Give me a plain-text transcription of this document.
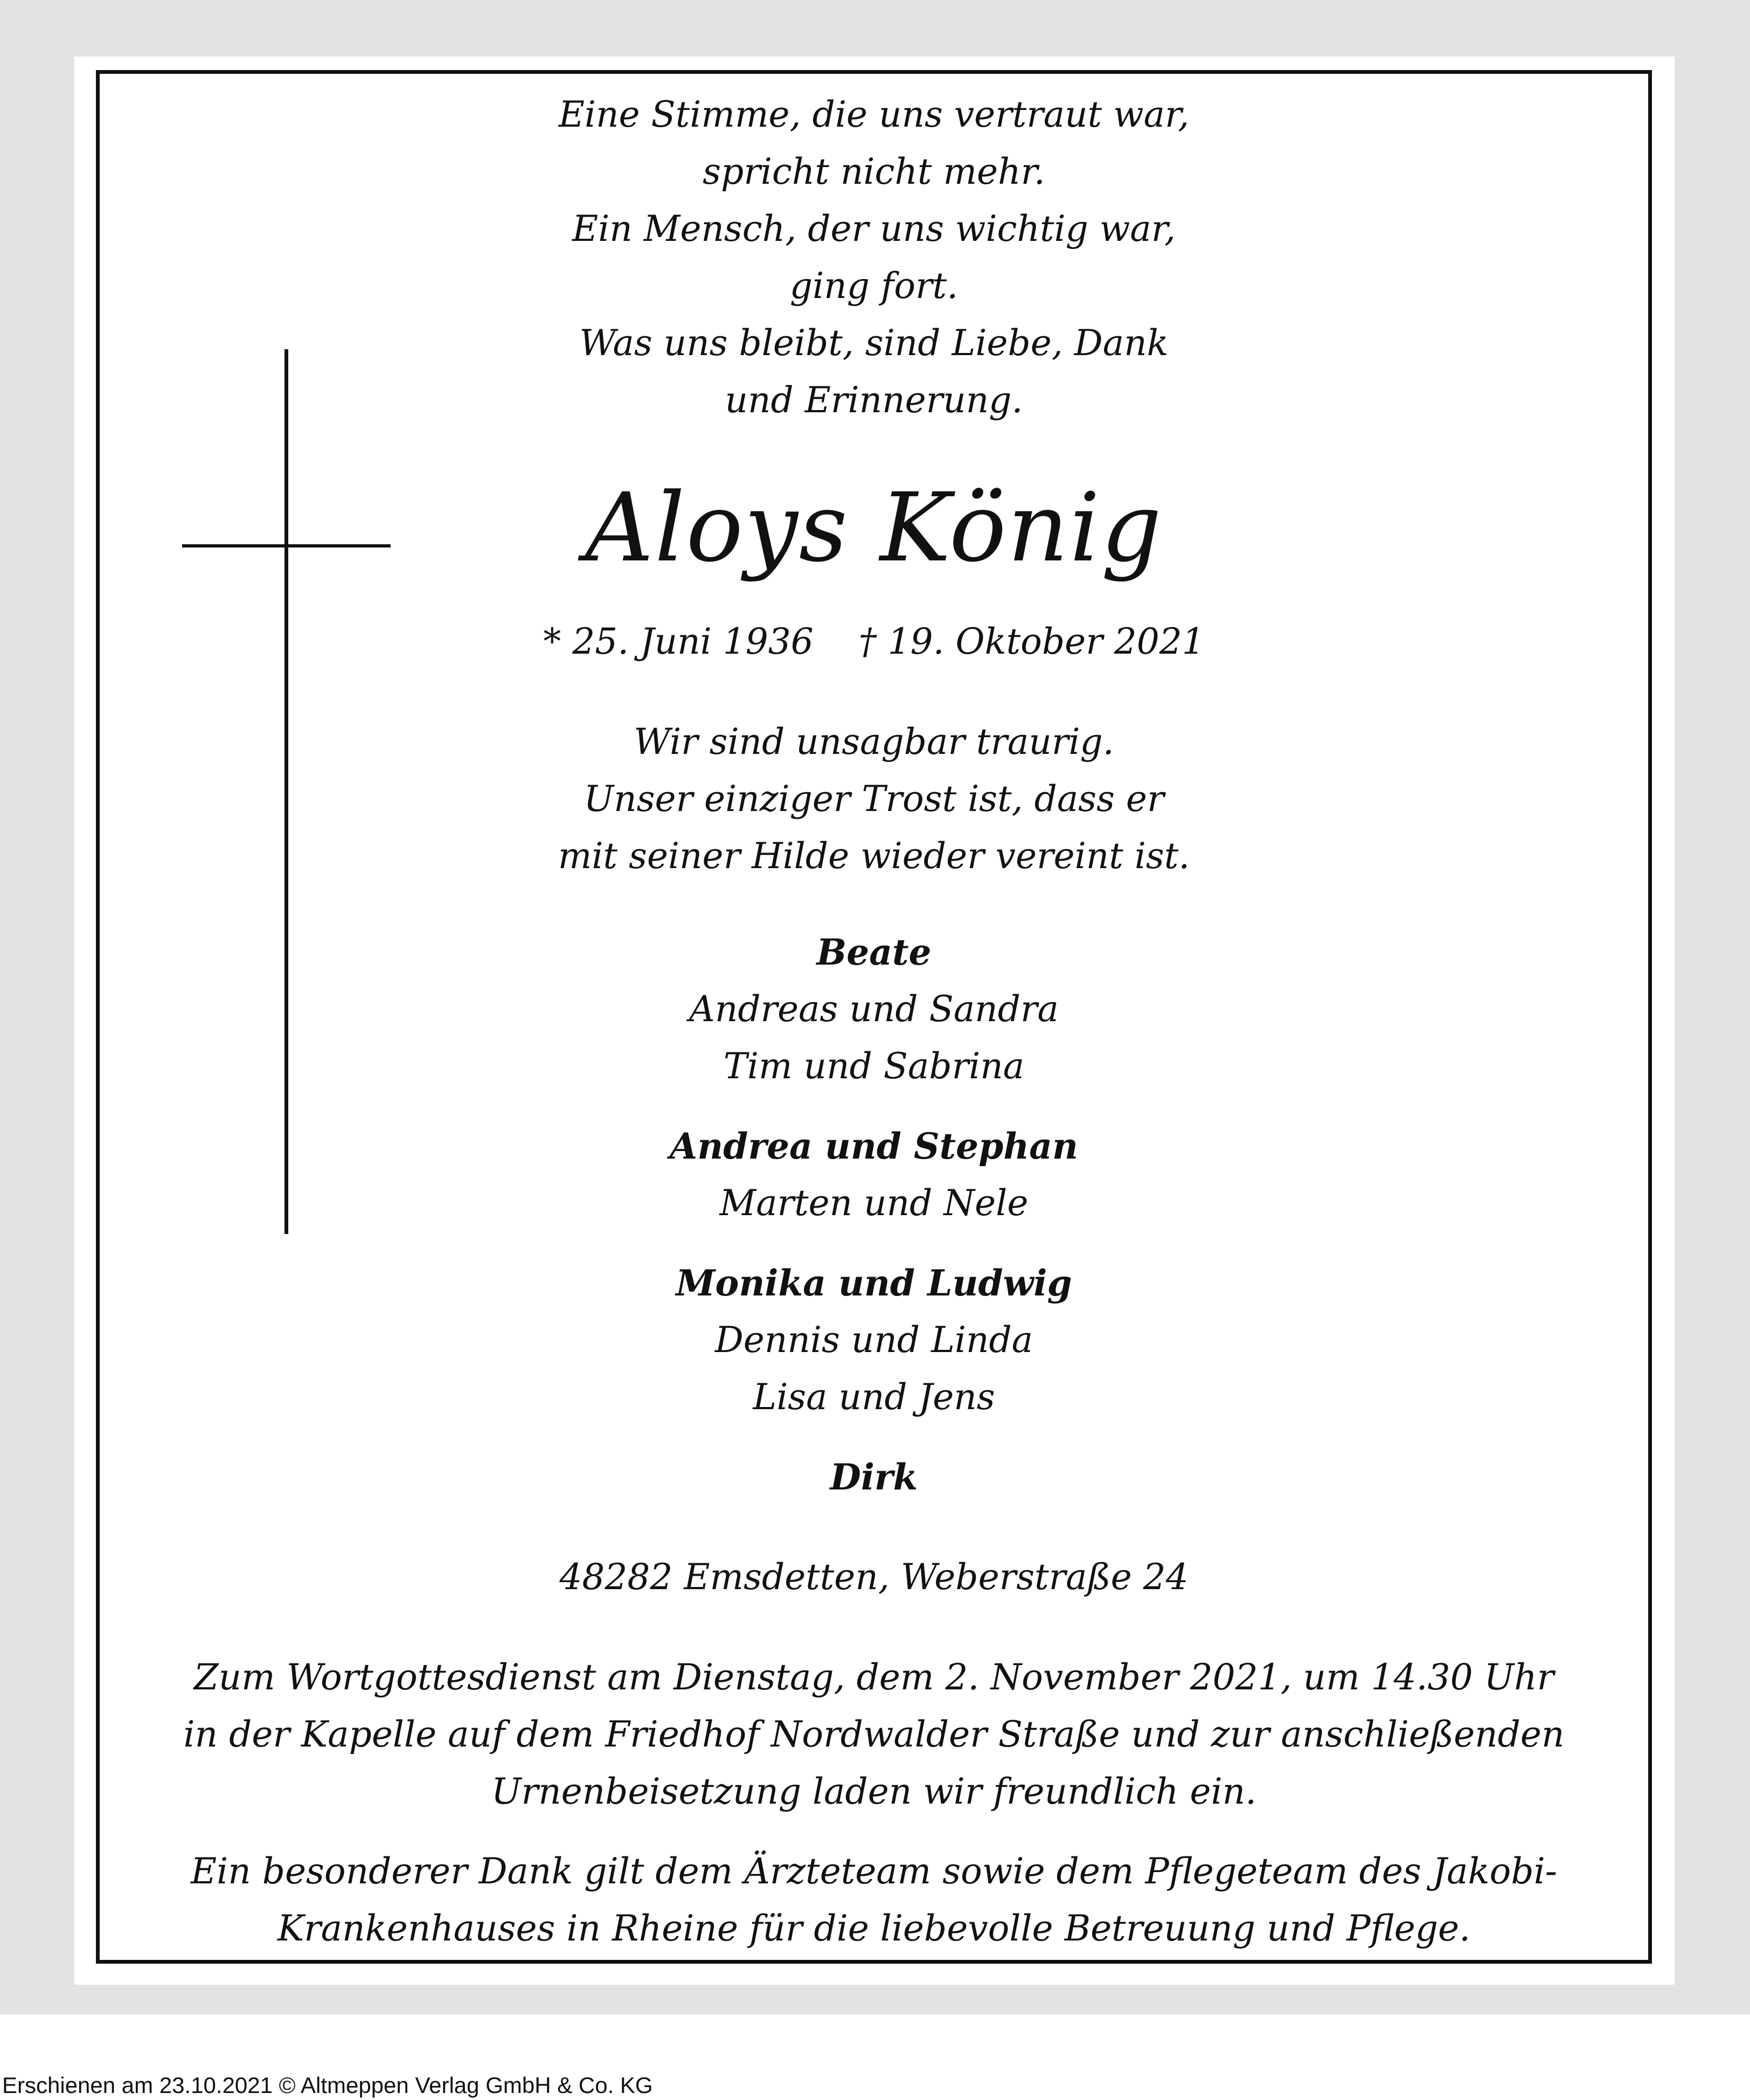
Eine Stimme, die uns vertraut war,

spricht nicht mehr.

Ein Mensch, der uns wichtig war,

ging fort.

Was uns bleibt, sind Liebe, Dank

und Erinnerung.

Aloys König

* 25. Juni 1936    † 19. Oktober 2021

Wir sind unsagbar traurig.

Unser einziger Trost ist, dass er

mit seiner Hilde wieder vereint ist.

Beate

Andreas und Sandra

Tim und Sabrina

Andrea und Stephan

Marten und Nele

Monika und Ludwig

Dennis und Linda

Lisa und Jens

Dirk

48282 Emsdetten, Weberstraße 24

Zum Wortgottesdienst am Dienstag, dem 2. November 2021, um 14.30 Uhr

in der Kapelle auf dem Friedhof Nordwalder Straße und zur anschließenden

Urnenbeisetzung laden wir freundlich ein.

Ein besonderer Dank gilt dem Ärzteteam sowie dem Pflegeteam des Jakobi-

Krankenhauses in Rheine für die liebevolle Betreuung und Pflege.

Erschienen am 23.10.2021 © Altmeppen Verlag GmbH & Co. KG
